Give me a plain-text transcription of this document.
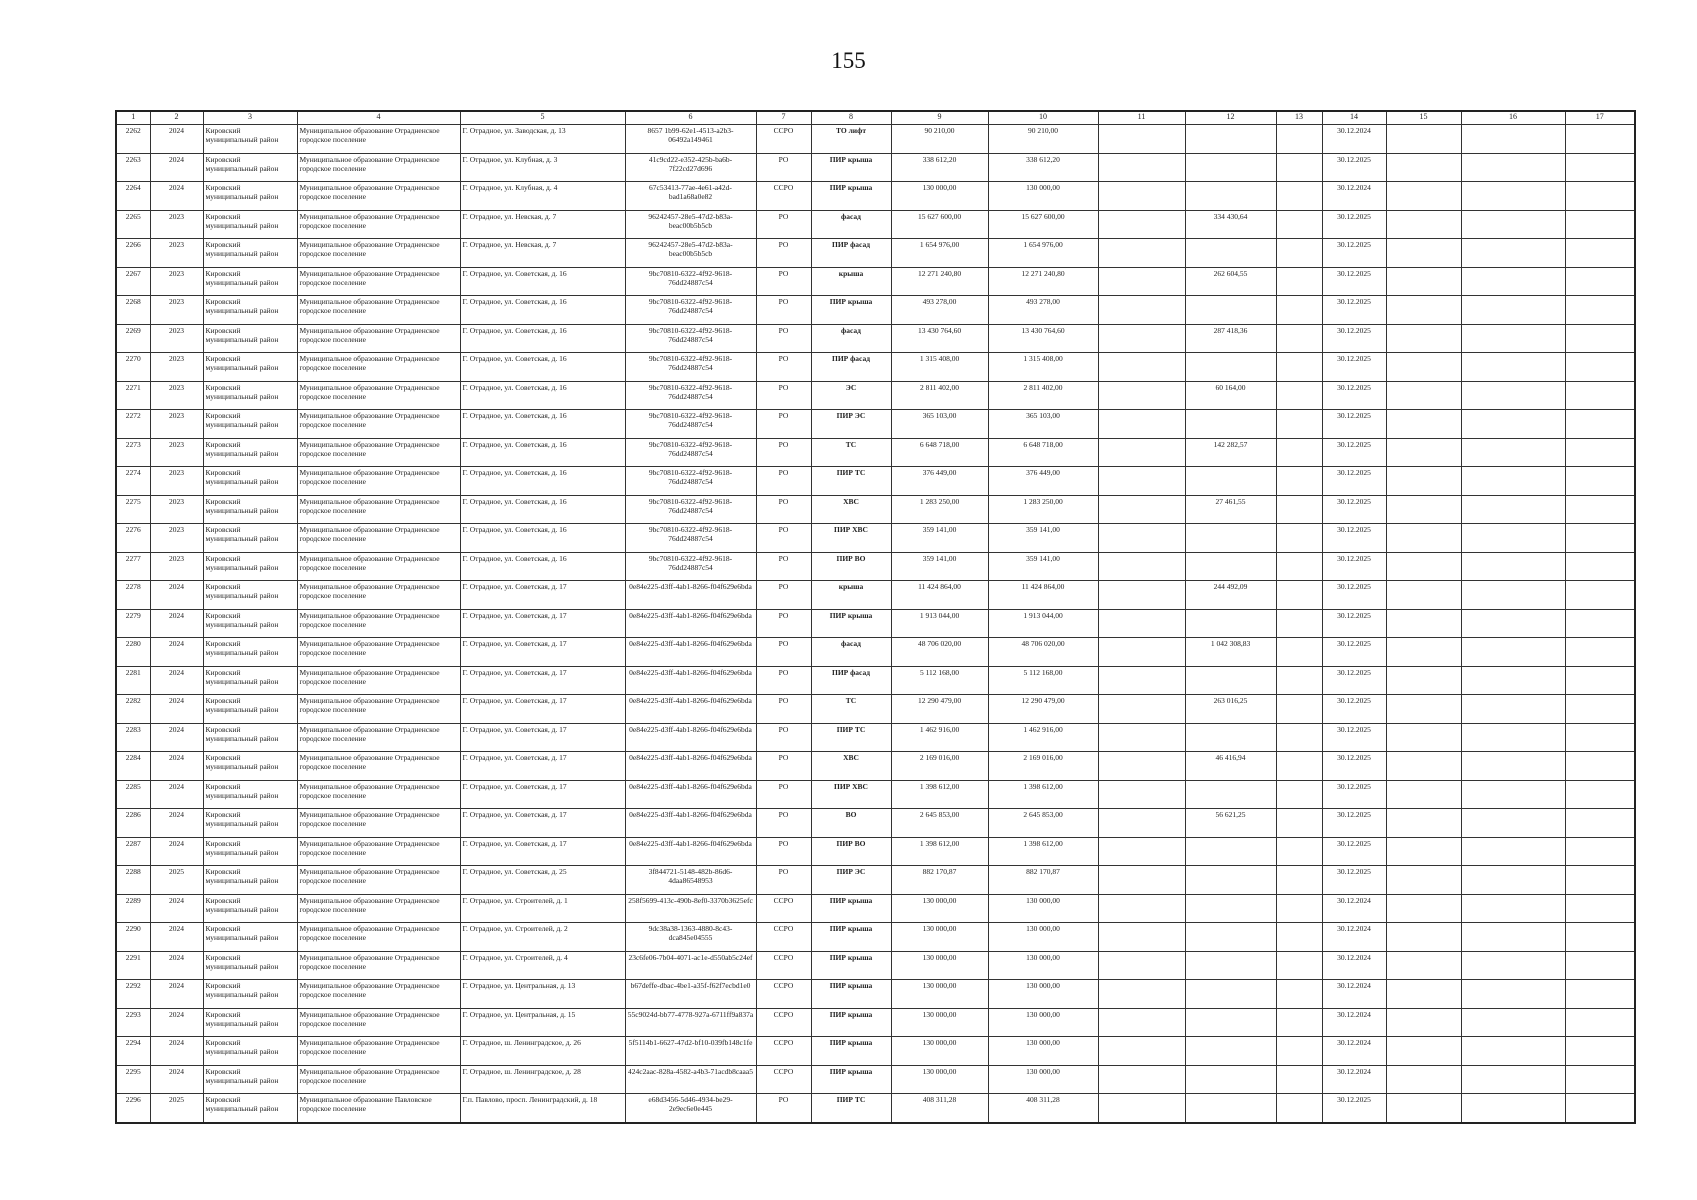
155
1	2	3	4	5	6	7	8	9	10	11	12	13	14	15	16	17
2262	2024	Кировский муниципальный район	Муниципальное образование Отрадненское городское поселение	Г. Отрадное, ул. Заводская, д. 13	8657 1b99-62e1-4513-a2b3-06492a149461	ССРО	ТО лифт	90 210,00	90 210,00				30.12.2024			
2263	2024	Кировский муниципальный район	Муниципальное образование Отрадненское городское поселение	Г. Отрадное, ул. Клубная, д. 3	41c9cd22-e352-425b-ba6b-7f22cd27d696	РО	ПИР крыша	338 612,20	338 612,20				30.12.2025			
2264	2024	Кировский муниципальный район	Муниципальное образование Отрадненское городское поселение	Г. Отрадное, ул. Клубная, д. 4	67c53413-77ae-4e61-a42d-bad1a68a0e82	ССРО	ПИР крыша	130 000,00	130 000,00				30.12.2024			
2265	2023	Кировский муниципальный район	Муниципальное образование Отрадненское городское поселение	Г. Отрадное, ул. Невская, д. 7	96242457-28e5-47d2-b83a-beac00b5b5cb	РО	фасад	15 627 600,00	15 627 600,00		334 430,64		30.12.2025			
2266	2023	Кировский муниципальный район	Муниципальное образование Отрадненское городское поселение	Г. Отрадное, ул. Невская, д. 7	96242457-28e5-47d2-b83a-beac00b5b5cb	РО	ПИР фасад	1 654 976,00	1 654 976,00				30.12.2025			
2267	2023	Кировский муниципальный район	Муниципальное образование Отрадненское городское поселение	Г. Отрадное, ул. Советская, д. 16	9bc70810-6322-4f92-9618-76dd24887c54	РО	крыша	12 271 240,80	12 271 240,80		262 604,55		30.12.2025			
2268	2023	Кировский муниципальный район	Муниципальное образование Отрадненское городское поселение	Г. Отрадное, ул. Советская, д. 16	9bc70810-6322-4f92-9618-76dd24887c54	РО	ПИР крыша	493 278,00	493 278,00				30.12.2025			
2269	2023	Кировский муниципальный район	Муниципальное образование Отрадненское городское поселение	Г. Отрадное, ул. Советская, д. 16	9bc70810-6322-4f92-9618-76dd24887c54	РО	фасад	13 430 764,60	13 430 764,60		287 418,36		30.12.2025			
2270	2023	Кировский муниципальный район	Муниципальное образование Отрадненское городское поселение	Г. Отрадное, ул. Советская, д. 16	9bc70810-6322-4f92-9618-76dd24887c54	РО	ПИР фасад	1 315 408,00	1 315 408,00				30.12.2025			
2271	2023	Кировский муниципальный район	Муниципальное образование Отрадненское городское поселение	Г. Отрадное, ул. Советская, д. 16	9bc70810-6322-4f92-9618-76dd24887c54	РО	ЭС	2 811 402,00	2 811 402,00		60 164,00		30.12.2025			
2272	2023	Кировский муниципальный район	Муниципальное образование Отрадненское городское поселение	Г. Отрадное, ул. Советская, д. 16	9bc70810-6322-4f92-9618-76dd24887c54	РО	ПИР ЭС	365 103,00	365 103,00				30.12.2025			
2273	2023	Кировский муниципальный район	Муниципальное образование Отрадненское городское поселение	Г. Отрадное, ул. Советская, д. 16	9bc70810-6322-4f92-9618-76dd24887c54	РО	ТС	6 648 718,00	6 648 718,00		142 282,57		30.12.2025			
2274	2023	Кировский муниципальный район	Муниципальное образование Отрадненское городское поселение	Г. Отрадное, ул. Советская, д. 16	9bc70810-6322-4f92-9618-76dd24887c54	РО	ПИР ТС	376 449,00	376 449,00				30.12.2025			
2275	2023	Кировский муниципальный район	Муниципальное образование Отрадненское городское поселение	Г. Отрадное, ул. Советская, д. 16	9bc70810-6322-4f92-9618-76dd24887c54	РО	ХВС	1 283 250,00	1 283 250,00		27 461,55		30.12.2025			
2276	2023	Кировский муниципальный район	Муниципальное образование Отрадненское городское поселение	Г. Отрадное, ул. Советская, д. 16	9bc70810-6322-4f92-9618-76dd24887c54	РО	ПИР ХВС	359 141,00	359 141,00				30.12.2025			
2277	2023	Кировский муниципальный район	Муниципальное образование Отрадненское городское поселение	Г. Отрадное, ул. Советская, д. 16	9bc70810-6322-4f92-9618-76dd24887c54	РО	ПИР ВО	359 141,00	359 141,00				30.12.2025			
2278	2024	Кировский муниципальный район	Муниципальное образование Отрадненское городское поселение	Г. Отрадное, ул. Советская, д. 17	0e84e225-d3ff-4ab1-8266-f04f629e6bda	РО	крыша	11 424 864,00	11 424 864,00		244 492,09		30.12.2025			
2279	2024	Кировский муниципальный район	Муниципальное образование Отрадненское городское поселение	Г. Отрадное, ул. Советская, д. 17	0e84e225-d3ff-4ab1-8266-f04f629e6bda	РО	ПИР крыша	1 913 044,00	1 913 044,00				30.12.2025			
2280	2024	Кировский муниципальный район	Муниципальное образование Отрадненское городское поселение	Г. Отрадное, ул. Советская, д. 17	0e84e225-d3ff-4ab1-8266-f04f629e6bda	РО	фасад	48 706 020,00	48 706 020,00		1 042 308,83		30.12.2025			
2281	2024	Кировский муниципальный район	Муниципальное образование Отрадненское городское поселение	Г. Отрадное, ул. Советская, д. 17	0e84e225-d3ff-4ab1-8266-f04f629e6bda	РО	ПИР фасад	5 112 168,00	5 112 168,00				30.12.2025			
2282	2024	Кировский муниципальный район	Муниципальное образование Отрадненское городское поселение	Г. Отрадное, ул. Советская, д. 17	0e84e225-d3ff-4ab1-8266-f04f629e6bda	РО	ТС	12 290 479,00	12 290 479,00		263 016,25		30.12.2025			
2283	2024	Кировский муниципальный район	Муниципальное образование Отрадненское городское поселение	Г. Отрадное, ул. Советская, д. 17	0e84e225-d3ff-4ab1-8266-f04f629e6bda	РО	ПИР ТС	1 462 916,00	1 462 916,00				30.12.2025			
2284	2024	Кировский муниципальный район	Муниципальное образование Отрадненское городское поселение	Г. Отрадное, ул. Советская, д. 17	0e84e225-d3ff-4ab1-8266-f04f629e6bda	РО	ХВС	2 169 016,00	2 169 016,00		46 416,94		30.12.2025			
2285	2024	Кировский муниципальный район	Муниципальное образование Отрадненское городское поселение	Г. Отрадное, ул. Советская, д. 17	0e84e225-d3ff-4ab1-8266-f04f629e6bda	РО	ПИР ХВС	1 398 612,00	1 398 612,00				30.12.2025			
2286	2024	Кировский муниципальный район	Муниципальное образование Отрадненское городское поселение	Г. Отрадное, ул. Советская, д. 17	0e84e225-d3ff-4ab1-8266-f04f629e6bda	РО	ВО	2 645 853,00	2 645 853,00		56 621,25		30.12.2025			
2287	2024	Кировский муниципальный район	Муниципальное образование Отрадненское городское поселение	Г. Отрадное, ул. Советская, д. 17	0e84e225-d3ff-4ab1-8266-f04f629e6bda	РО	ПИР ВО	1 398 612,00	1 398 612,00				30.12.2025			
2288	2025	Кировский муниципальный район	Муниципальное образование Отрадненское городское поселение	Г. Отрадное, ул. Советская, д. 25	3f844721-5148-482b-86d6-4daa86548953	РО	ПИР ЭС	882 170,87	882 170,87				30.12.2025			
2289	2024	Кировский муниципальный район	Муниципальное образование Отрадненское городское поселение	Г. Отрадное, ул. Строителей, д. 1	258f5699-413c-490b-8ef0-3370b3625efc	ССРО	ПИР крыша	130 000,00	130 000,00				30.12.2024			
2290	2024	Кировский муниципальный район	Муниципальное образование Отрадненское городское поселение	Г. Отрадное, ул. Строителей, д. 2	9dc38a38-1363-4880-8c43-dca845e04555	ССРО	ПИР крыша	130 000,00	130 000,00				30.12.2024			
2291	2024	Кировский муниципальный район	Муниципальное образование Отрадненское городское поселение	Г. Отрадное, ул. Строителей, д. 4	23c6fe06-7b04-4071-ac1e-d550ab5c24ef	ССРО	ПИР крыша	130 000,00	130 000,00				30.12.2024			
2292	2024	Кировский муниципальный район	Муниципальное образование Отрадненское городское поселение	Г. Отрадное, ул. Центральная, д. 13	b67deffe-dbac-4be1-a35f-f62f7ecbd1e0	ССРО	ПИР крыша	130 000,00	130 000,00				30.12.2024			
2293	2024	Кировский муниципальный район	Муниципальное образование Отрадненское городское поселение	Г. Отрадное, ул. Центральная, д. 15	55c9024d-bb77-4778-927a-6711ff9a837a	ССРО	ПИР крыша	130 000,00	130 000,00				30.12.2024			
2294	2024	Кировский муниципальный район	Муниципальное образование Отрадненское городское поселение	Г. Отрадное, ш. Ленинградское, д. 26	5f5114b1-6627-47d2-bf10-039fb148c1fe	ССРО	ПИР крыша	130 000,00	130 000,00				30.12.2024			
2295	2024	Кировский муниципальный район	Муниципальное образование Отрадненское городское поселение	Г. Отрадное, ш. Ленинградское, д. 28	424c2aac-828a-4582-a4b3-71acdb8caaa5	ССРО	ПИР крыша	130 000,00	130 000,00				30.12.2024			
2296	2025	Кировский муниципальный район	Муниципальное образование Павловское городское поселение	Г.п. Павлово, просп. Ленинградский, д. 18	e68d3456-5d46-4934-be29-2e9ec6e0e445	РО	ПИР ТС	408 311,28	408 311,28				30.12.2025			
